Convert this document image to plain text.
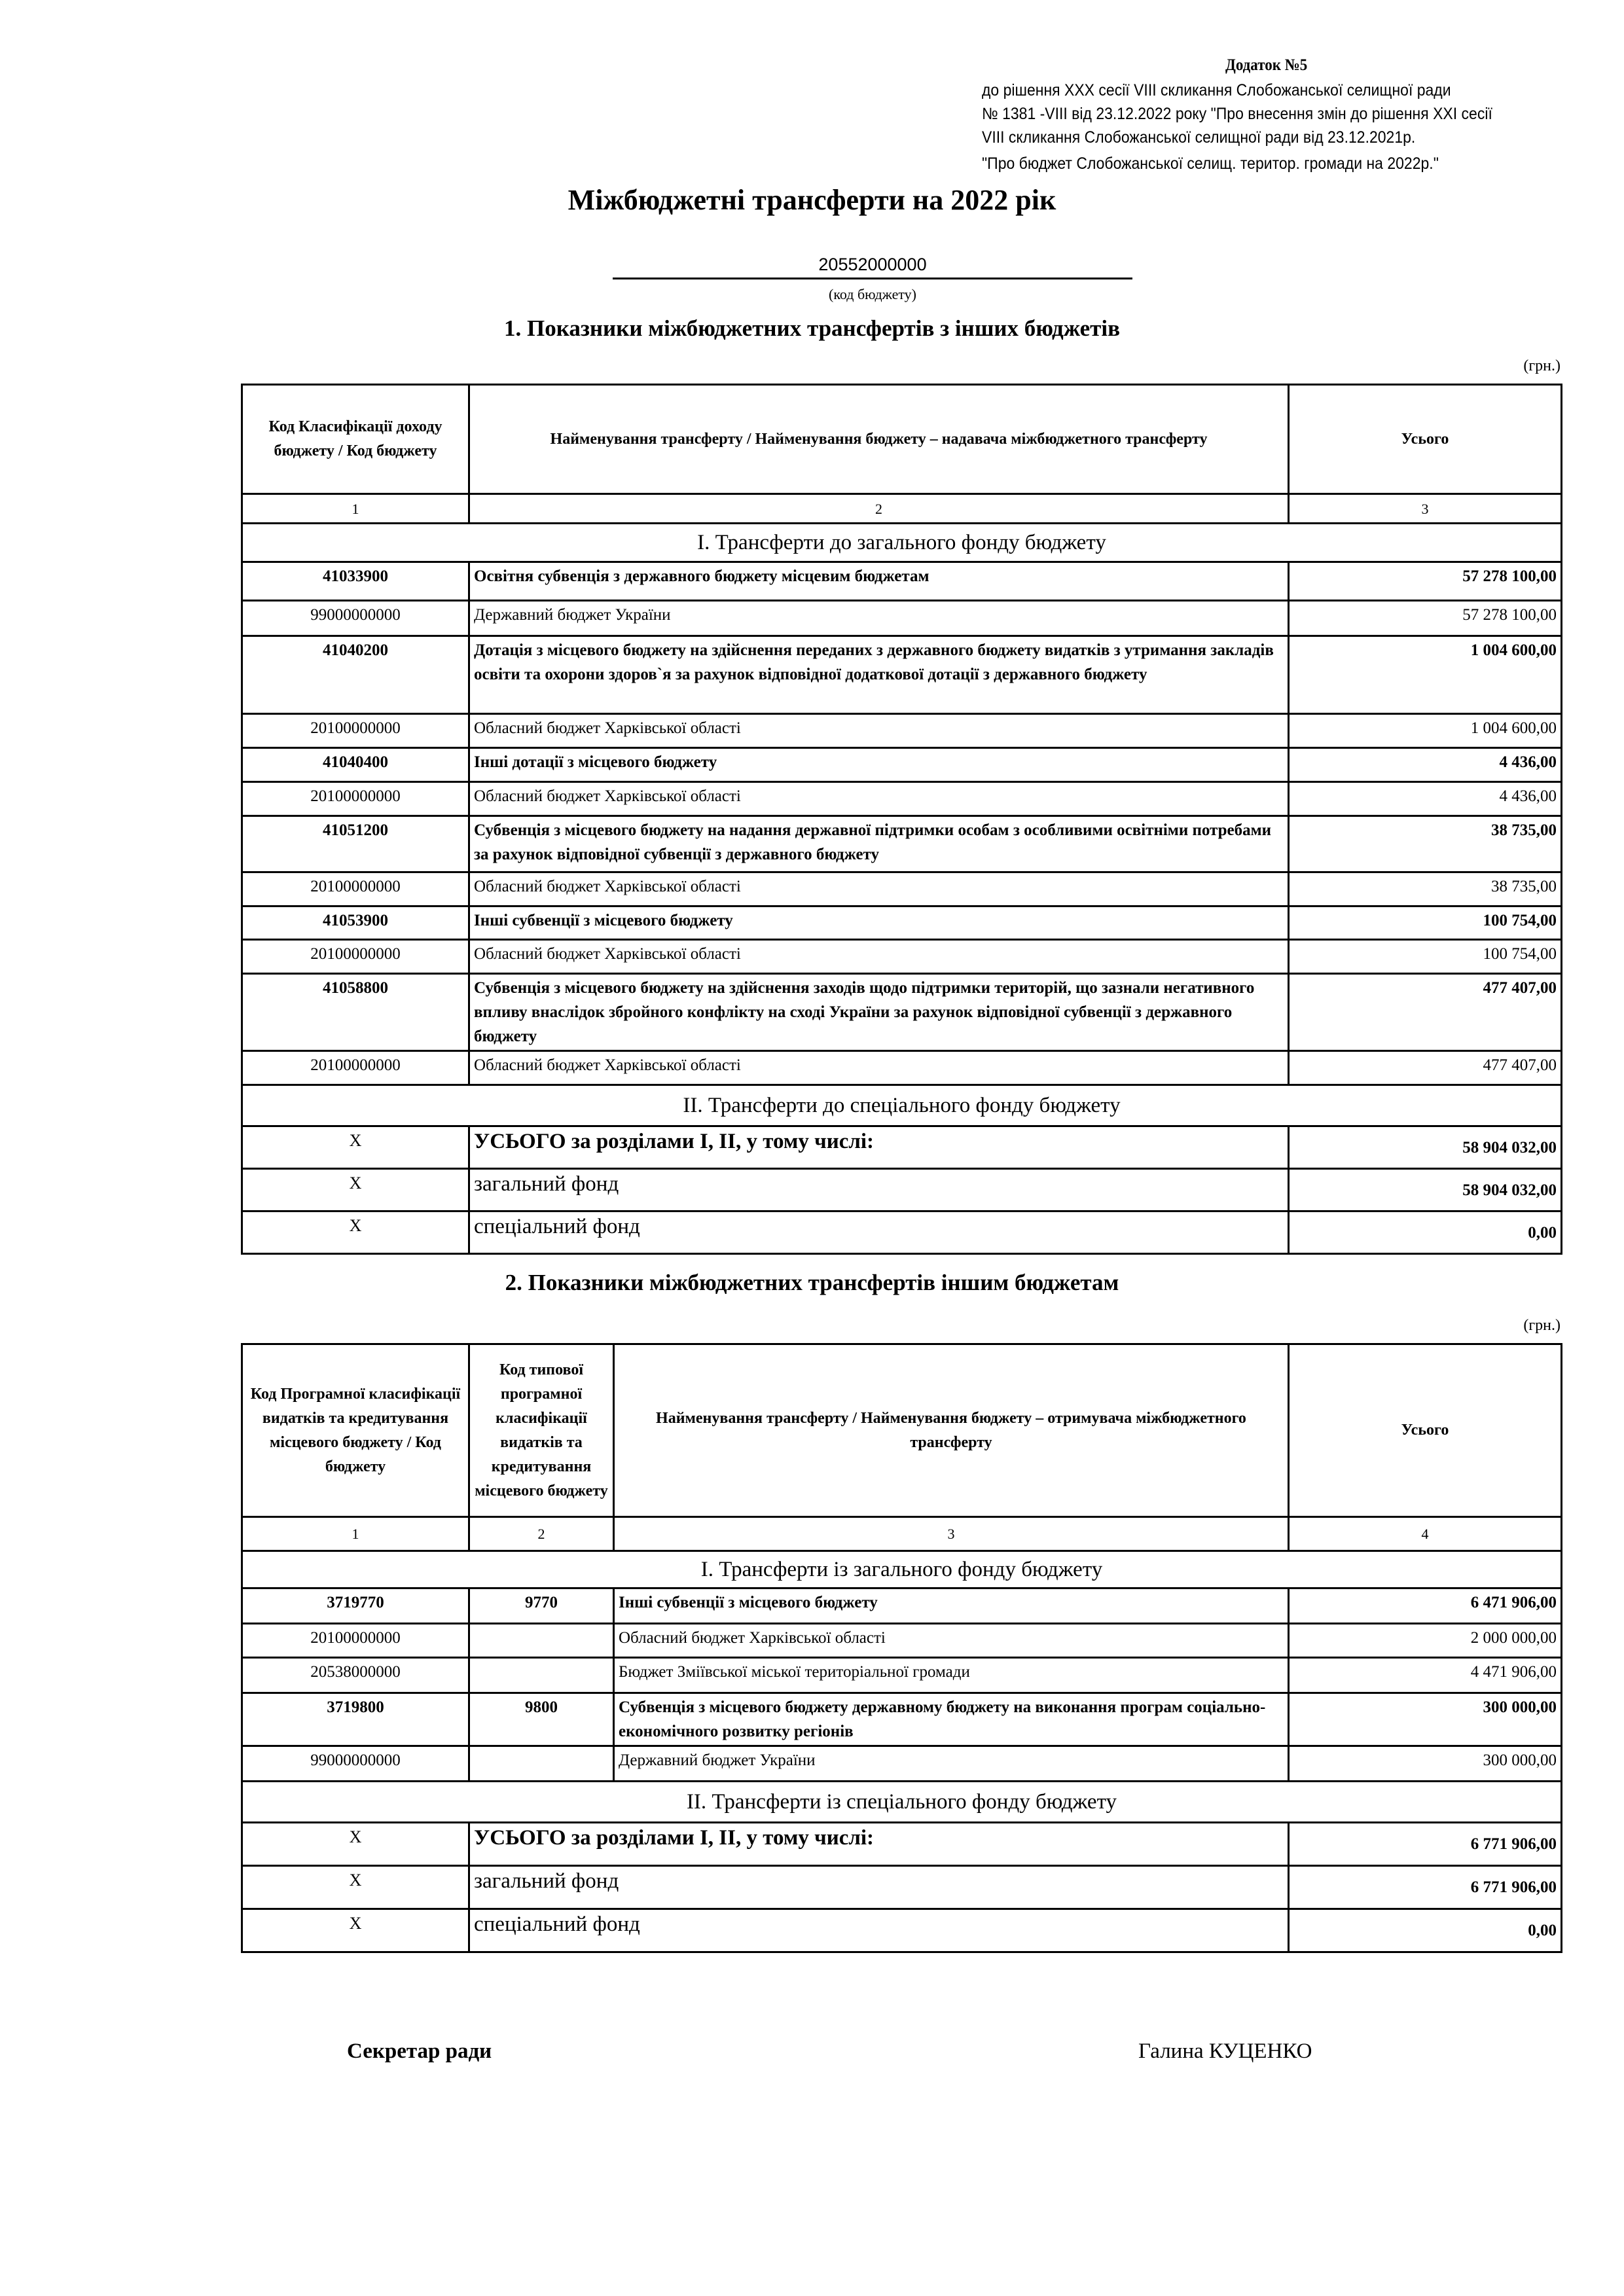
Додаток №5
до рішення XXX сесії VIII скликання Слобожанської селищної ради
№ 1381 -VIII від 23.12.2022 року "Про внесення змін до рішення XXI сесії
VIII скликання Слобожанської селищної ради від 23.12.2021р.
"Про бюджет Слобожанської селищ. територ. громади на 2022р."
Міжбюджетні трансферти на 2022 рік
20552000000
(код бюджету)
1. Показники міжбюджетних трансфертів з інших бюджетів
(грн.)
Код Класифікації доходу бюджету / Код бюджету	Найменування трансферту / Найменування бюджету – надавача міжбюджетного трансферту	Усього
1	2	3
І. Трансферти до загального фонду бюджету		
41033900	Освітня субвенція з державного бюджету місцевим бюджетам	57 278 100,00
99000000000	Державний бюджет України	57 278 100,00
41040200	Дотація з місцевого бюджету на здійснення переданих з державного бюджету видатків з утримання закладів освіти та охорони здоров`я за рахунок відповідної додаткової дотації з державного бюджету	1 004 600,00
20100000000	Обласний бюджет Харківської області	1 004 600,00
41040400	Інші дотації з місцевого бюджету	4 436,00
20100000000	Обласний бюджет Харківської області	4 436,00
41051200	Субвенція з місцевого бюджету на надання державної підтримки особам з особливими освітніми потребами за рахунок відповідної субвенції з державного бюджету	38 735,00
20100000000	Обласний бюджет Харківської області	38 735,00
41053900	Інші субвенції з місцевого бюджету	100 754,00
20100000000	Обласний бюджет Харківської області	100 754,00
41058800	Субвенція з місцевого бюджету на здійснення заходів щодо підтримки територій, що зазнали негативного впливу внаслідок збройного конфлікту на сході України за рахунок відповідної субвенції з державного бюджету	477 407,00
20100000000	Обласний бюджет Харківської області	477 407,00
ІІ. Трансферти до спеціального фонду бюджету		
Х	УСЬОГО за розділами І, ІІ, у тому числі:	58 904 032,00
Х	загальний фонд	58 904 032,00
Х	спеціальний фонд	0,00
2. Показники міжбюджетних трансфертів іншим бюджетам
(грн.)
Код Програмної класифікації видатків та кредитування місцевого бюджету / Код бюджету	Код типової програмної класифікації видатків та кредитування місцевого бюджету	Найменування трансферту / Найменування бюджету – отримувача міжбюджетного трансферту	Усього
1	2	3	4
І. Трансферти із загального фонду бюджету			
3719770	9770	Інші субвенції з місцевого бюджету	6 471 906,00
20100000000		Обласний бюджет Харківської області	2 000 000,00
20538000000		Бюджет Зміївської міської територіальної громади	4 471 906,00
3719800	9800	Субвенція з місцевого бюджету державному бюджету на виконання програм соціально-економічного розвитку регіонів	300 000,00
99000000000		Державний бюджет України	300 000,00
ІІ. Трансферти із спеціального фонду бюджету			
Х	УСЬОГО за розділами І, ІІ, у тому числі:		6 771 906,00
Х	загальний фонд		6 771 906,00
Х	спеціальний фонд		0,00
Секретар ради	Галина КУЦЕНКО
